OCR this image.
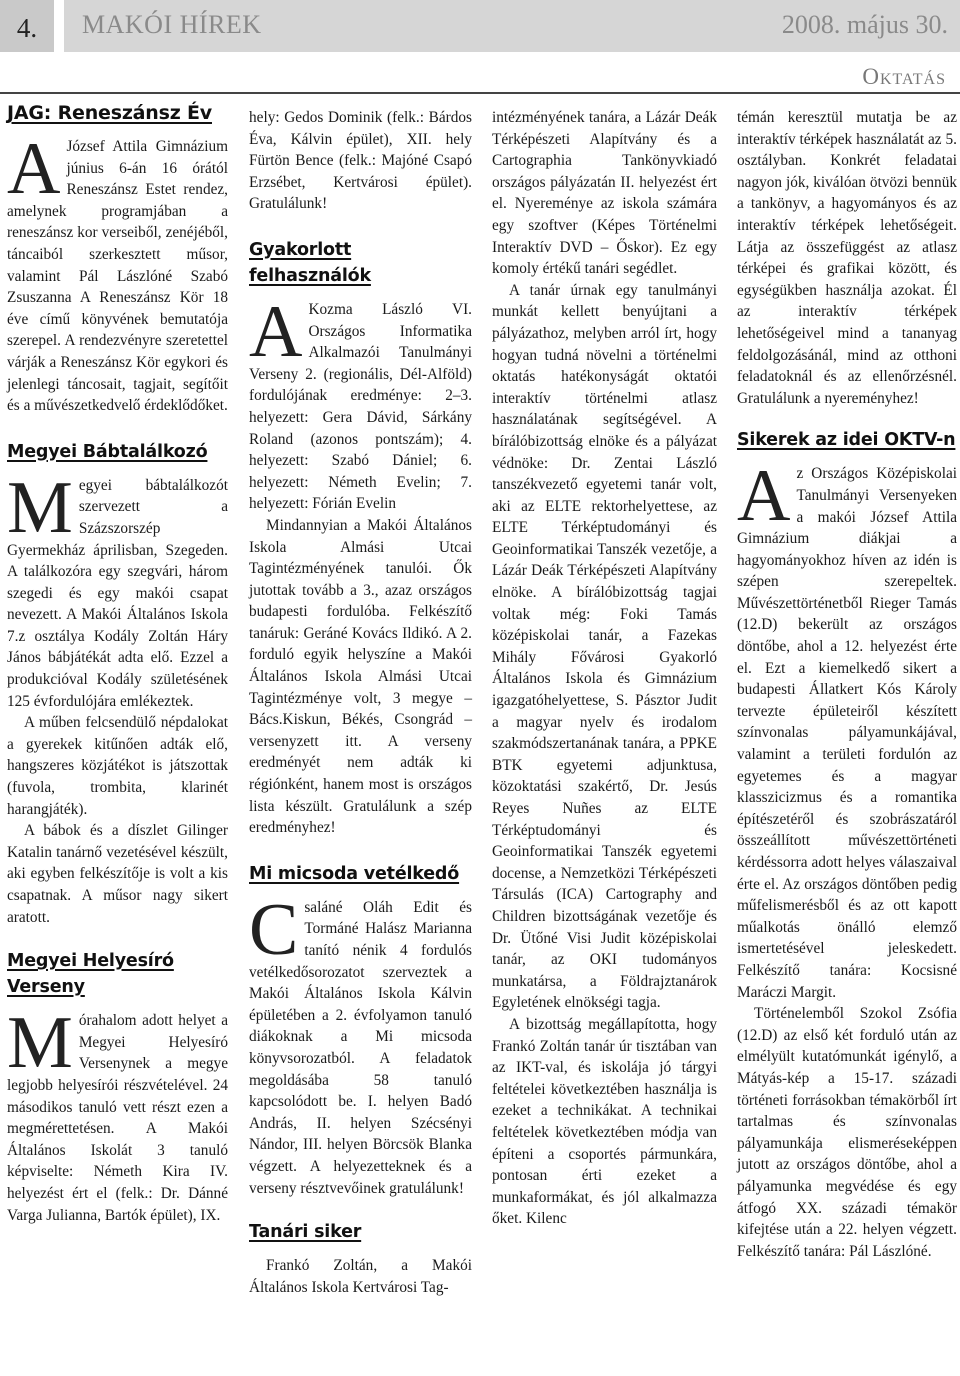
4.	MAKÓI HÍREK	2008. május 30.
Oktatás
JAG: Reneszánsz Év

A József Attila Gimnázium június 6-án 16 órától Reneszánsz Estet rendez, amelynek programjában a reneszánsz kor verseiből, zenéjéből, táncaiból szerkesztett műsor, valamint Pál Lászlóné Szabó Zsuszanna A Reneszánsz Kör 18 éve című könyvének bemutatója szerepel. A rendezvényre szeretettel várják a Reneszánsz Kör egykori és jelenlegi táncosait, tagjait, segítőit és a művészetkedvelő érdeklődőket.

Megyei Bábtalálkozó

Megyei bábtalálkozót szervezett a Százszorszép Gyermekház áprilisban, Szegeden. A találkozóra egy szegvári, három szegedi és egy makói csapat nevezett. A Makói Általános Iskola 7.z osztálya Kodály Zoltán Háry János bábjátékát adta elő. Ezzel a produkcióval Kodály születésének 125 évfordulójára emlékeztek.

A műben felcsendülő népdalokat a gyerekek kitűnően adták elő, hangszeres közjátékot is játszottak (fuvola, trombita, klarinét harangjáték).

A bábok és a díszlet Gilinger Katalin tanárnő vezetésével készült, aki egyben felkészítője is volt a kis csapatnak. A műsor nagy sikert aratott.

Megyei Helyesíró Verseny

Mórahalom adott helyet a Megyei Helyesíró Versenynek a megye legjobb helyesírói részvételével. 24 másodikos tanuló vett részt ezen a megmérettetésen. A Makói Általános Iskolát 3 tanuló képviselte: Németh Kira IV. helyezést ért el (felk.: Dr. Dánné Varga Julianna, Bartók épület), IX.

hely: Gedos Dominik (felk.: Bárdos Éva, Kálvin épület), XII. hely Fürtön Bence (felk.: Majóné Csapó Erzsébet, Kertvárosi épület). Gratulálunk!

Gyakorlott felhasználók

A Kozma László VI. Országos Informatika Alkalmazói Tanulmányi Verseny 2. (regionális, Dél-Alföld) fordulójának eredménye: 2–3. helyezett: Gera Dávid, Sárkány Roland (azonos pontszám); 4. helyezett: Szabó Dániel; 6. helyezett: Németh Evelin; 7. helyezett: Fórián Evelin

Mindannyian a Makói Általános Iskola Almási Utcai Tagintézményének tanulói. Ők jutottak tovább a 3., azaz országos budapesti fordulóba. Felkészítő tanáruk: Geráné Kovács Ildikó. A 2. forduló egyik helyszíne a Makói Általános Iskola Almási Utcai Tagintézménye volt, 3 megye – Bács.Kiskun, Békés, Csongrád – versenyzett itt. A verseny eredményét nem adták ki régiónként, hanem most is országos lista készült. Gratulálunk a szép eredményhez!

Mi micsoda vetélkedő

Csaláné Oláh Edit és Tormáné Halász Marianna tanító nénik 4 fordulós vetélkedősorozatot szerveztek a Makói Általános Iskola Kálvin épületében a 2. évfolyamon tanuló diákoknak a Mi micsoda könyvsorozatból. A feladatok megoldásába 58 tanuló kapcsolódott be. I. helyen Badó András, II. helyen Szécsényi Nándor, III. helyen Börcsök Blanka végzett. A helyezetteknek és a verseny résztvevőinek gratulálunk!

Tanári siker

Frankó Zoltán, a Makói Általános Iskola Kertvárosi Tag-

intézményének tanára, a Lázár Deák Térképészeti Alapítvány és a Cartographia Tankönyvkiadó országos pályázatán II. helyezést ért el. Nyereménye az iskola számára egy szoftver (Képes Történelmi Interaktív DVD – Őskor). Ez egy komoly értékű tanári segédlet.

A tanár úrnak egy tanulmányi munkát kellett benyújtani a pályázathoz, melyben arról írt, hogy hogyan tudná növelni a történelmi oktatás hatékonyságát oktatói interaktív történelmi atlasz használatának segítségével. A bírálóbizottság elnöke és a pályázat védnöke: Dr. Zentai László tanszékvezető egyetemi tanár volt, aki az ELTE rektorhelyettese, az ELTE Térképtudományi és Geoinformatikai Tanszék vezetője, a Lázár Deák Térképészeti Alapítvány elnöke. A bírálóbizottság tagjai voltak még: Foki Tamás középiskolai tanár, a Fazekas Mihály Fővárosi Gyakorló Általános Iskola és Gimnázium igazgatóhelyettese, S. Pásztor Judit a magyar nyelv és irodalom szakmódszertanának tanára, a PPKE BTK egyetemi adjunktusa, közoktatási szakértő, Dr. Jesús Reyes Nuñes az ELTE Térképtudományi és Geoinformatikai Tanszék egyetemi docense, a Nemzetközi Térképészeti Társulás (ICA) Cartography and Children bizottságának vezetője és Dr. Ütőné Visi Judit középiskolai tanár, az OKI tudományos munkatársa, a Földrajztanárok Egyletének elnökségi tagja.

A bizottság megállapította, hogy Frankó Zoltán tanár úr tisztában van az IKT-val, és iskolája jó tárgyi feltételei következtében használja is ezeket a technikákat. A technikai feltételek következtében módja van építeni a csoportés pármunkára, pontosan érti ezeket a munkaformákat, és jól alkalmazza őket. Kilenc

témán keresztül mutatja be az interaktív térképek használatát az 5. osztályban. Konkrét feladatai nagyon jók, kiválóan ötvözi bennük a tankönyv, a hagyományos és az interaktív térképek lehetőségeit. Látja az összefüggést az atlasz térképei és grafikai között, és egységükben használja azokat. Él az interaktív térképek lehetőségeivel mind a tananyag feldolgozásánál, mind az otthoni feladatoknál és az ellenőrzésnél. Gratulálunk a nyereményhez!

Sikerek az idei OKTV-n

Az Országos Középiskolai Tanulmányi Versenyeken a makói József Attila Gimnázium diákjai a hagyományokhoz híven az idén is szépen szerepeltek. Művészettörténetből Rieger Tamás (12.D) bekerült az országos döntőbe, ahol a 12. helyezést érte el. Ezt a kiemelkedő sikert a budapesti Állatkert Kós Károly tervezte épületeiről készített színvonalas pályamunkájával, valamint a területi fordulón az egyetemes és a magyar klasszicizmus és a romantika építészetéről és szobrászatáról összeállított művészettörténeti kérdéssorra adott helyes válaszaival érte el. Az országos döntőben pedig műfelismerésből és az ott kapott műalkotás önálló elemző ismertetésével jeleskedett. Felkészítő tanára: Kocsisné Maráczi Margit.

Történelemből Szokol Zsófia (12.D) az első két forduló után az elmélyült kutatómunkát igénylő, a Mátyás-kép a 15-17. századi történeti forrásokban témakörből írt tartalmas és színvonalas pályamunkája elismeréseképpen jutott az országos döntőbe, ahol a pályamunka megvédése és egy átfogó XX. századi témakör kifejtése után a 22. helyen végzett. Felkészítő tanára: Pál Lászlóné.
